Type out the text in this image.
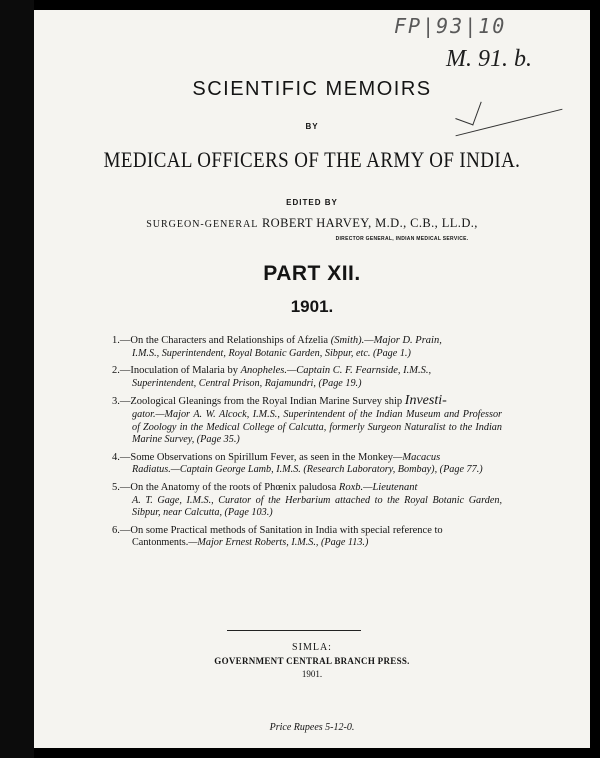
FP|93|10
M. 91. b.
SCIENTIFIC MEMOIRS
BY
MEDICAL OFFICERS OF THE ARMY OF INDIA.
EDITED BY
SURGEON-GENERAL ROBERT HARVEY, M.D., C.B., LL.D.,
DIRECTOR GENERAL, INDIAN MEDICAL SERVICE.
PART XII.
1901.
1.—On the Characters and Relationships of Afzelia (Smith).—Major D. Prain,
I.M.S., Superintendent, Royal Botanic Garden, Sibpur, etc. (Page 1.)
2.—Inoculation of Malaria by Anopheles.—Captain C. F. Fearnside, I.M.S.,
Superintendent, Central Prison, Rajamundri, (Page 19.)
3.—Zoological Gleanings from the Royal Indian Marine Survey ship Investi-
gator.—Major A. W. Alcock, I.M.S., Superintendent of the Indian Museum and Professor of Zoology in the Medical College of Calcutta, formerly Surgeon Naturalist to the Indian Marine Survey, (Page 35.)
4.—Some Observations on Spirillum Fever, as seen in the Monkey—Macacus
Radiatus.—Captain George Lamb, I.M.S. (Research Laboratory, Bombay), (Page 77.)
5.—On the Anatomy of the roots of Phœnix paludosa Roxb.—Lieutenant
A. T. Gage, I.M.S., Curator of the Herbarium attached to the Royal Botanic Garden, Sibpur, near Calcutta, (Page 103.)
6.—On some Practical methods of Sanitation in India with special reference to
Cantonments.—Major Ernest Roberts, I.M.S., (Page 113.)
SIMLA:
GOVERNMENT CENTRAL BRANCH PRESS.
1901.
Price Rupees 5-12-0.
